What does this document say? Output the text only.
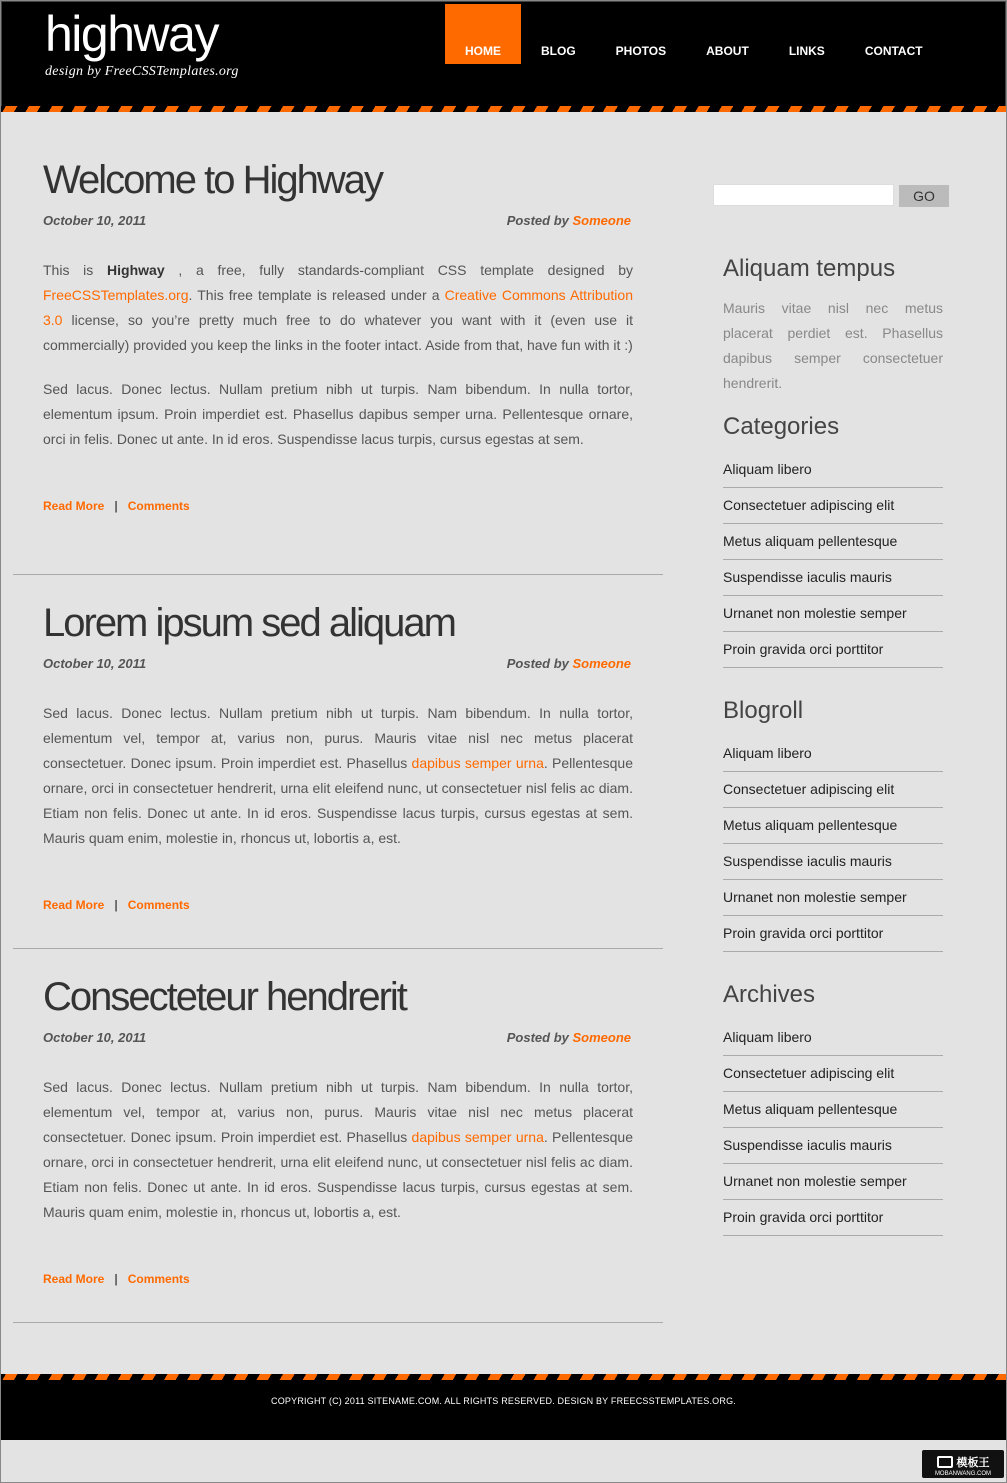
highway
design by FreeCSSTemplates.org
HOME	BLOG	PHOTOS	ABOUT	LINKS	CONTACT
Welcome to Highway
October 10, 2011	Posted by Someone

This is Highway , a free, fully standards-compliant CSS template designed by FreeCSSTemplates.org. This free template is released under a Creative Commons Attribution 3.0 license, so you’re pretty much free to do whatever you want with it (even use it commercially) provided you keep the links in the footer intact. Aside from that, have fun with it :)

Sed lacus. Donec lectus. Nullam pretium nibh ut turpis. Nam bibendum. In nulla tortor, elementum ipsum. Proin imperdiet est. Phasellus dapibus semper urna. Pellentesque ornare, orci in felis. Donec ut ante. In id eros. Suspendisse lacus turpis, cursus egestas at sem.

Read More | Comments
Lorem ipsum sed aliquam
October 10, 2011	Posted by Someone

Sed lacus. Donec lectus. Nullam pretium nibh ut turpis. Nam bibendum. In nulla tortor, elementum vel, tempor at, varius non, purus. Mauris vitae nisl nec metus placerat consectetuer. Donec ipsum. Proin imperdiet est. Phasellus dapibus semper urna. Pellentesque ornare, orci in consectetuer hendrerit, urna elit eleifend nunc, ut consectetuer nisl felis ac diam. Etiam non felis. Donec ut ante. In id eros. Suspendisse lacus turpis, cursus egestas at sem. Mauris quam enim, molestie in, rhoncus ut, lobortis a, est.

Read More | Comments
Consecteteur hendrerit
October 10, 2011	Posted by Someone

Sed lacus. Donec lectus. Nullam pretium nibh ut turpis. Nam bibendum. In nulla tortor, elementum vel, tempor at, varius non, purus. Mauris vitae nisl nec metus placerat consectetuer. Donec ipsum. Proin imperdiet est. Phasellus dapibus semper urna. Pellentesque ornare, orci in consectetuer hendrerit, urna elit eleifend nunc, ut consectetuer nisl felis ac diam. Etiam non felis. Donec ut ante. In id eros. Suspendisse lacus turpis, cursus egestas at sem. Mauris quam enim, molestie in, rhoncus ut, lobortis a, est.

Read More | Comments
GO
Aliquam tempus

Mauris vitae nisl nec metus placerat perdiet est. Phasellus dapibus semper consectetuer hendrerit.

Categories
Aliquam libero
Consectetuer adipiscing elit
Metus aliquam pellentesque
Suspendisse iaculis mauris
Urnanet non molestie semper
Proin gravida orci porttitor
Blogroll
Aliquam libero
Consectetuer adipiscing elit
Metus aliquam pellentesque
Suspendisse iaculis mauris
Urnanet non molestie semper
Proin gravida orci porttitor
Archives
Aliquam libero
Consectetuer adipiscing elit
Metus aliquam pellentesque
Suspendisse iaculis mauris
Urnanet non molestie semper
Proin gravida orci porttitor

COPYRIGHT (C) 2011 SITENAME.COM. ALL RIGHTS RESERVED. DESIGN BY FREECSSTEMPLATES.ORG.

模板王
MOBANWANG.COM
